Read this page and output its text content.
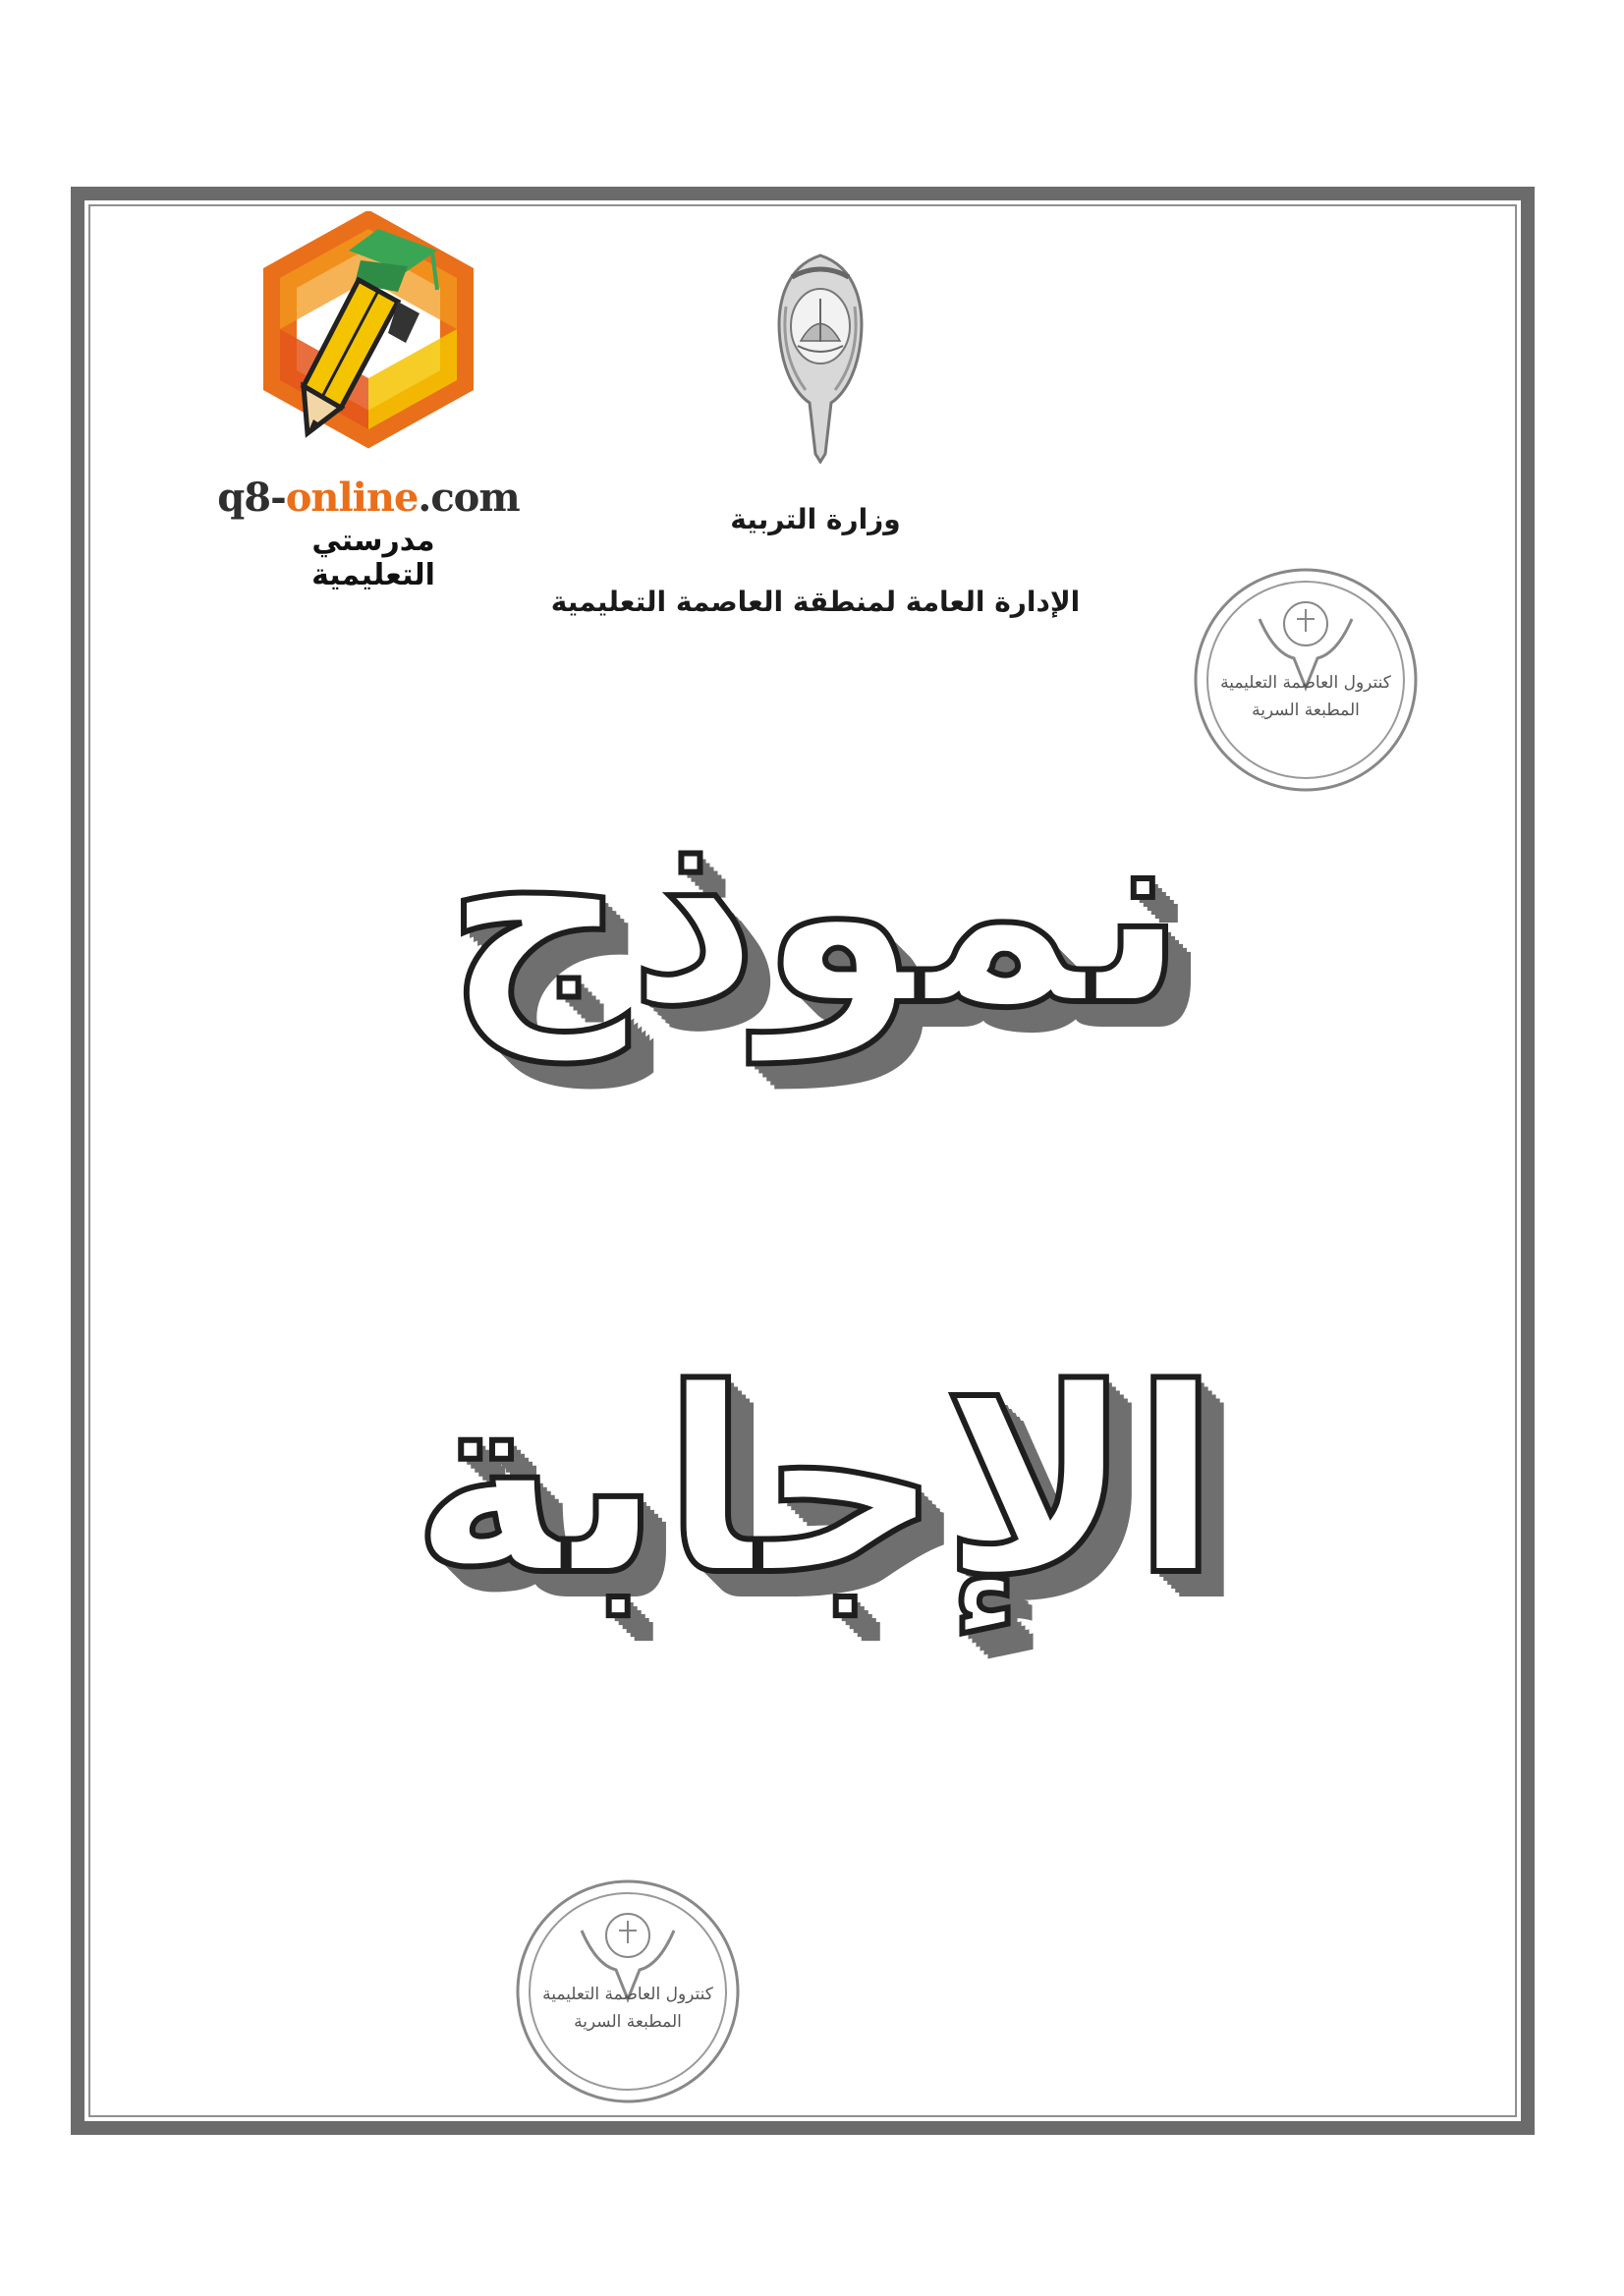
q8-online.com
مدرستي التعليمية
وزارة التربية
الإدارة العامة لمنطقة العاصمة التعليمية
كنترول العاصمة التعليمية
المطبعة السرية
نموذج
الإجابة
كنترول العاصمة التعليمية
المطبعة السرية
